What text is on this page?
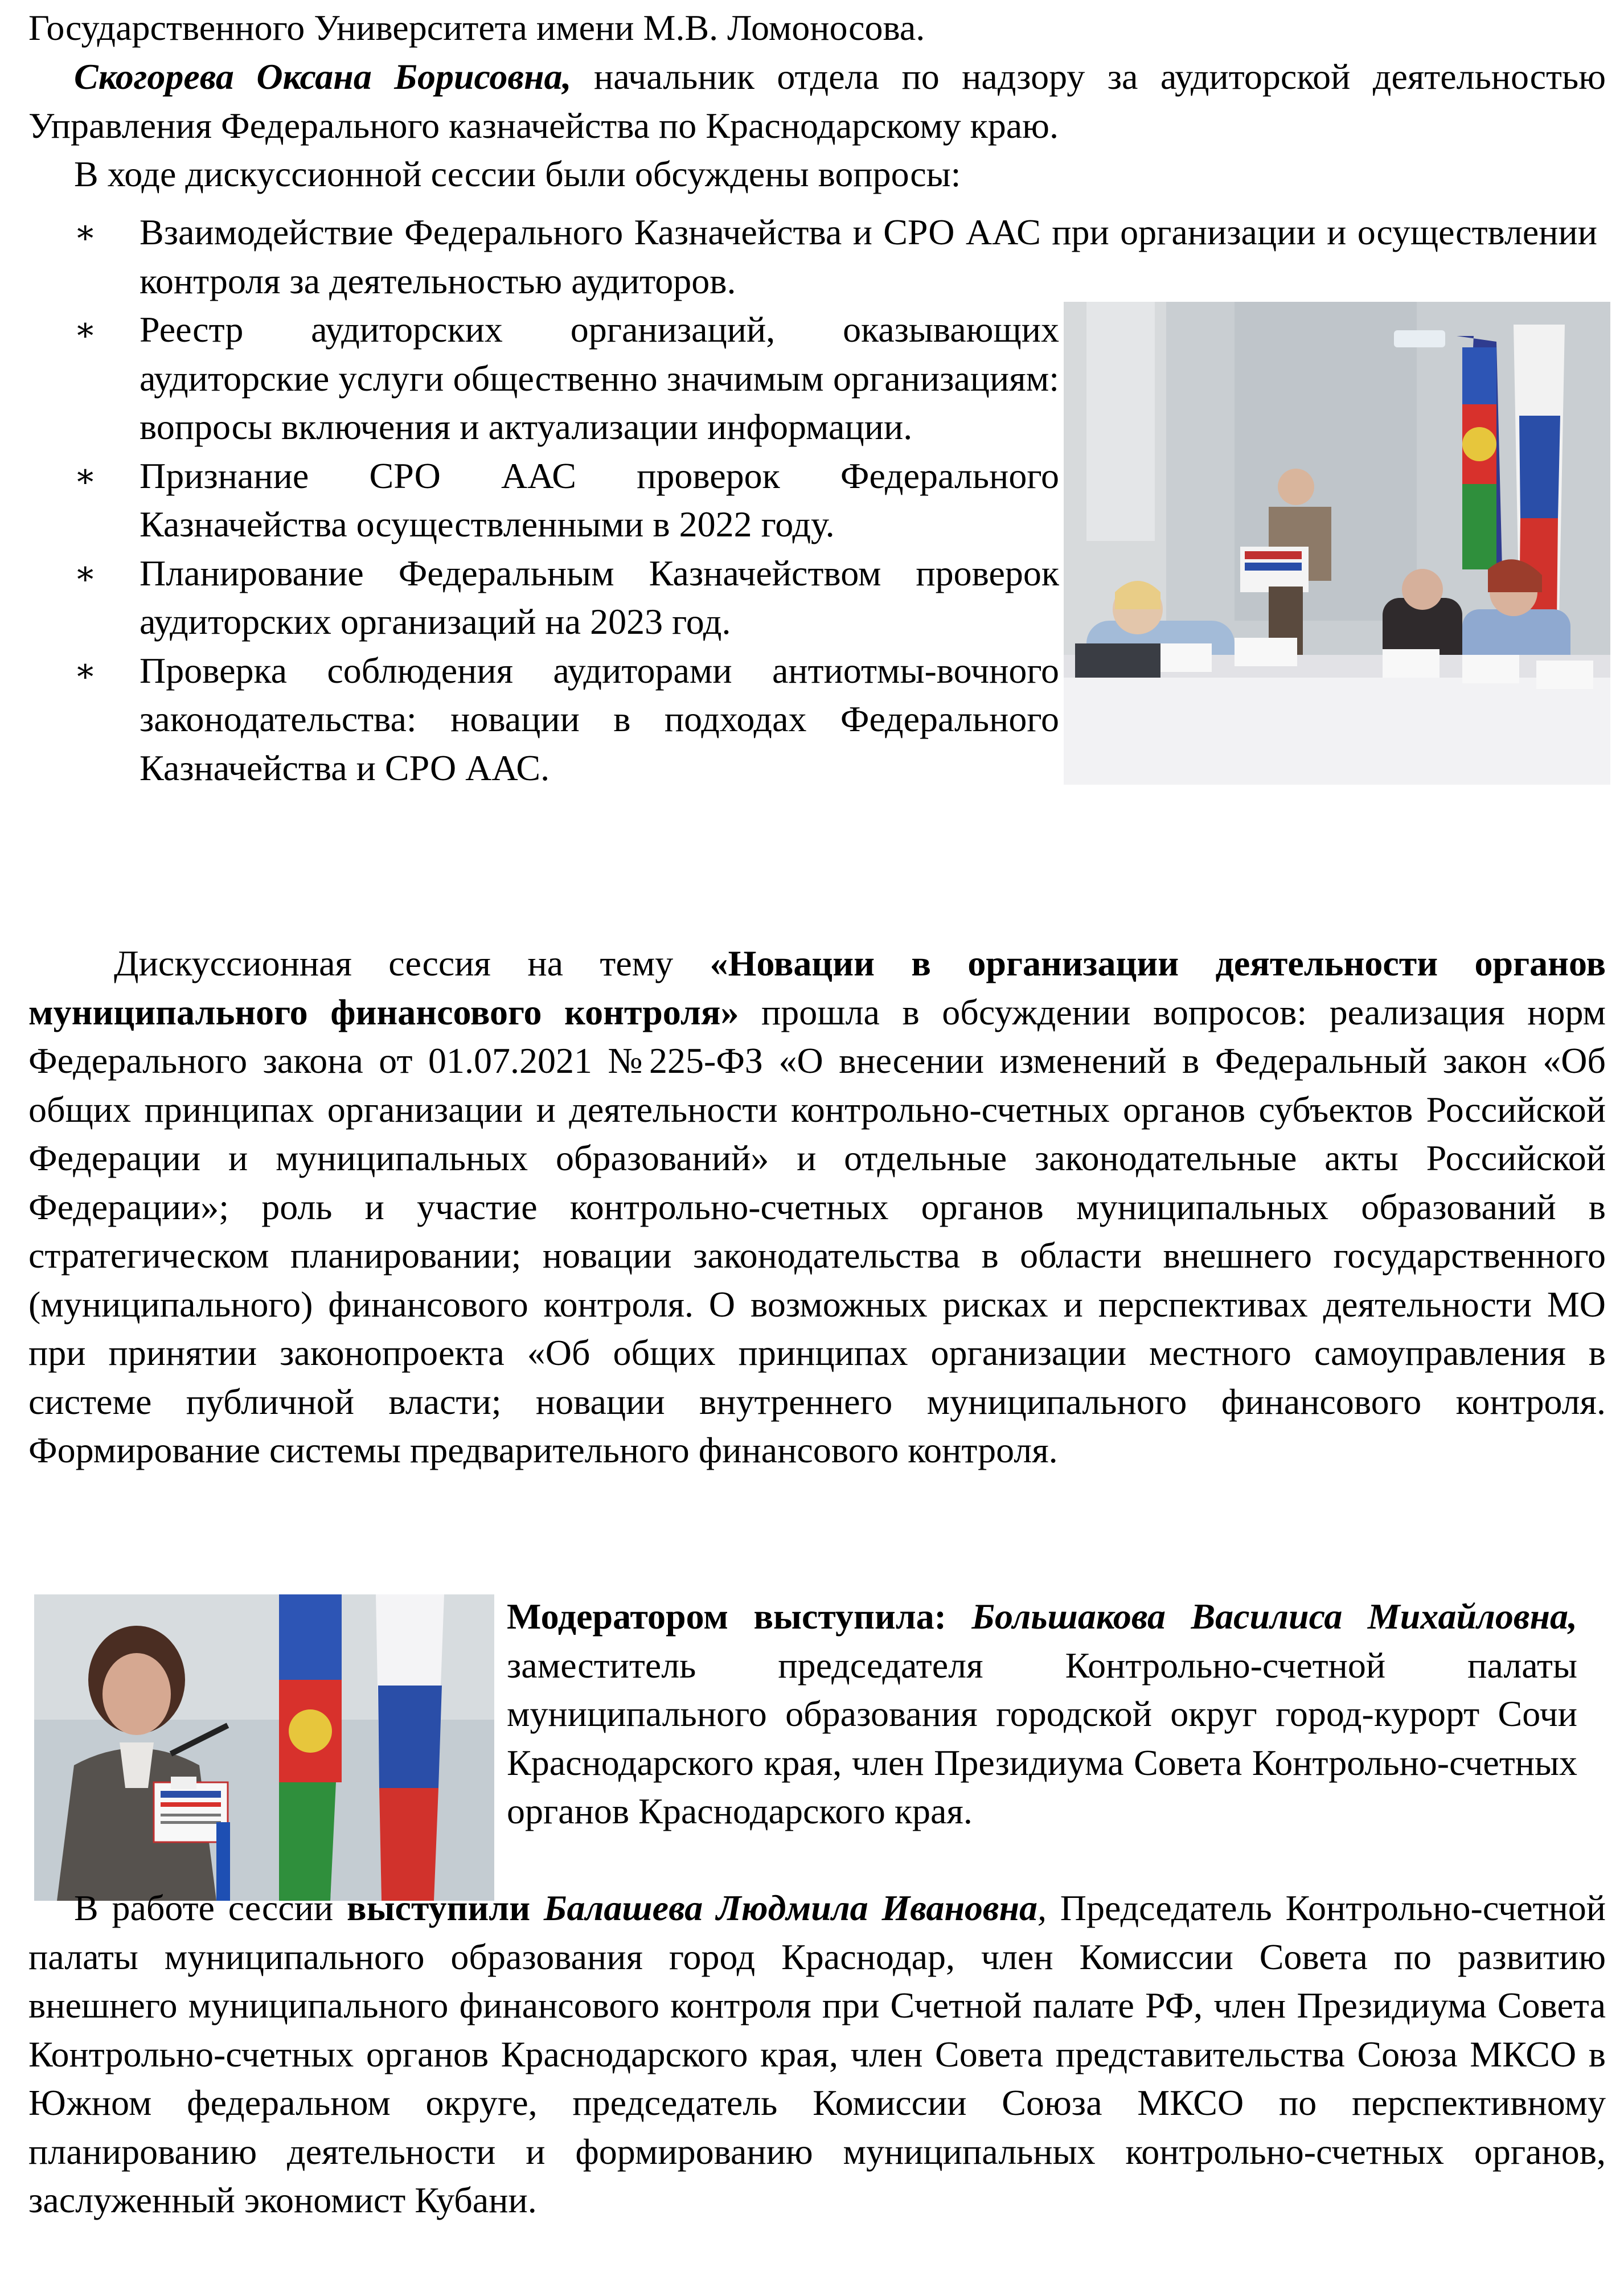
Государственного Университета имени М.В. Ломоносова.
Скогорева Оксана Борисовна, начальник отдела по надзору за аудиторской деятельностью Управления Федерального казначейства по Краснодарскому краю.
В ходе дискуссионной сессии были обсуждены вопросы:
∗ Взаимодействие Федерального Казначейства и СРО ААС при организации и осуществлении контроля за деятельностью аудиторов.
∗ Реестр аудиторских организаций, оказывающих аудиторские услуги общественно значимым организациям: вопросы включения и актуализации информации.
∗ Признание СРО ААС проверок Федерального Казначейства осуществленными в 2022 году.
∗ Планирование Федеральным Казначейством проверок аудиторских организаций на 2023 год.
∗ Проверка соблюдения аудиторами антиотмы-вочного законодательства: новации в подходах Федерального Казначейства и СРО ААС.
Дискуссионная сессия на тему «Новации в организации деятельности органов муниципального финансового контроля» прошла в обсуждении вопросов: реализация норм Федерального закона от 01.07.2021 №225-ФЗ «О внесении изменений в Федеральный закон «Об общих принципах организации и деятельности контрольно-счетных органов субъектов Российской Федерации и муниципальных образований» и отдельные законодательные акты Российской Федерации»; роль и участие контрольно-счетных органов муниципальных образований в стратегическом планировании; новации законодательства в области внешнего государственного (муниципального) финансового контроля. О возможных рисках и перспективах деятельности МО при принятии законопроекта «Об общих принципах организации местного самоуправления в системе публичной власти; новации внутреннего муниципального финансового контроля. Формирование системы предварительного финансового контроля.
Модератором выступила: Большакова Василиса Михайловна, заместитель председателя Контрольно-счетной палаты муниципального образования городской округ город-курорт Сочи Краснодарского края, член Президиума Совета Контрольно-счетных органов Краснодарского края.
В работе сессии выступили Балашева Людмила Ивановна, Председатель Контрольно-счетной палаты муниципального образования город Краснодар, член Комиссии Совета по развитию внешнего муниципального финансового контроля при Счетной палате РФ, член Президиума Совета Контрольно-счетных органов Краснодарского края, член Совета представительства Союза МКСО в Южном федеральном округе, председатель Комиссии Союза МКСО по перспективному планированию деятельности и формированию муниципальных контрольно-счетных органов, заслуженный экономист Кубани.
